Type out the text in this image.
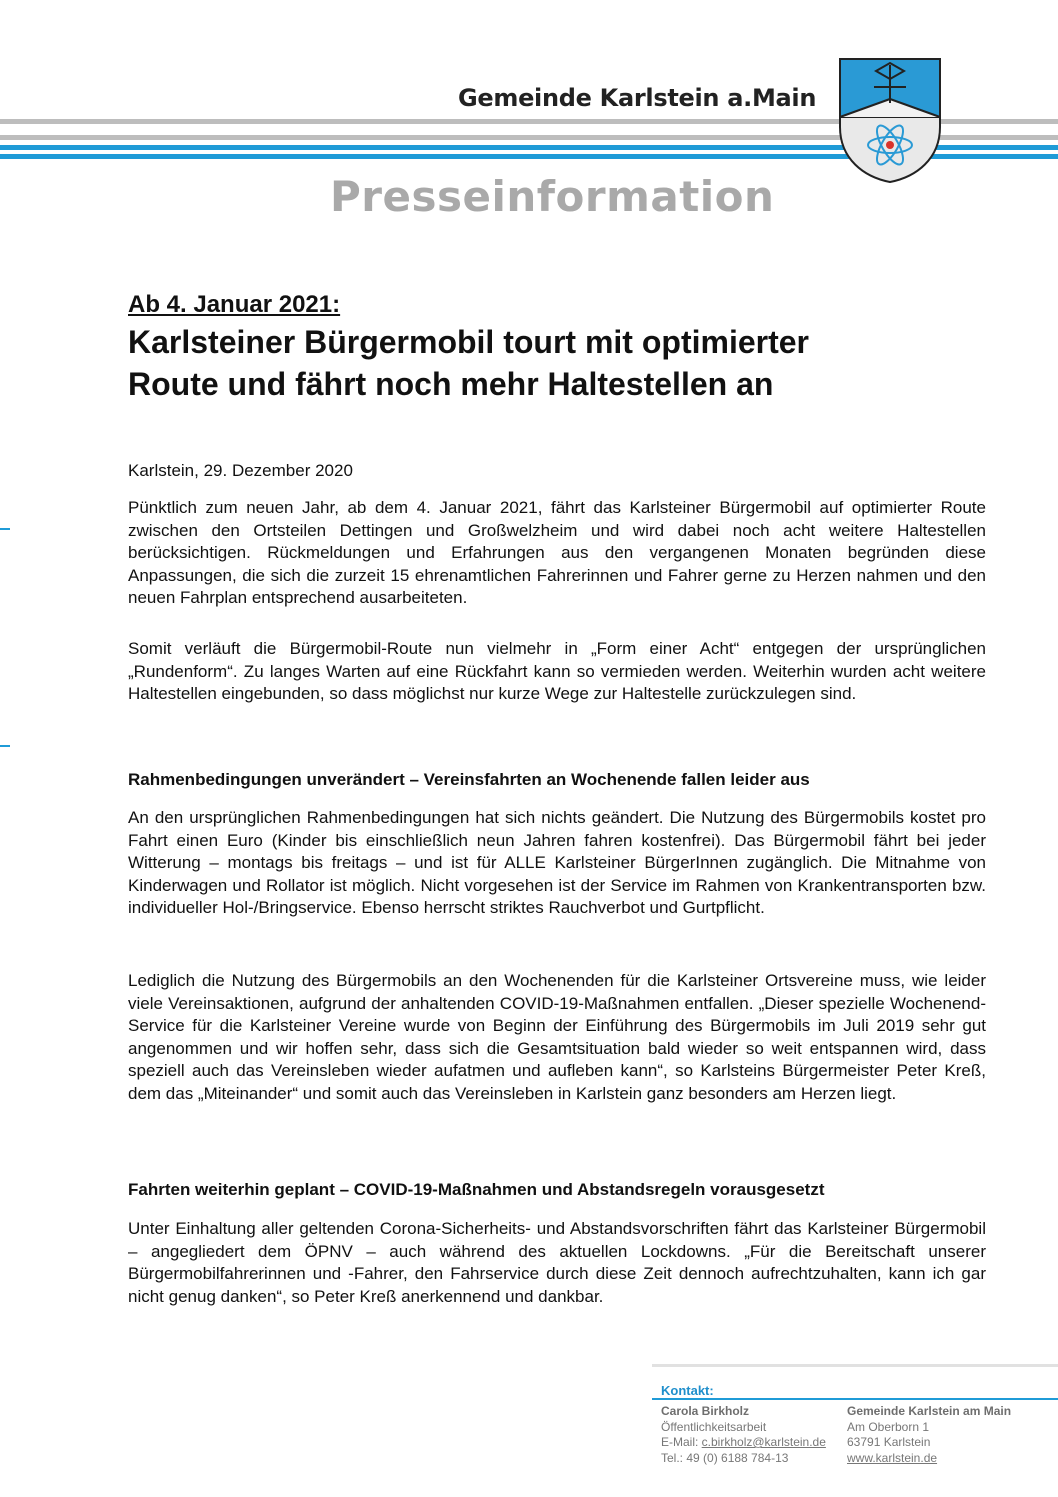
Gemeinde Karlstein a.Main
Presseinformation
Ab 4. Januar 2021:
Karlsteiner Bürgermobil tourt mit optimierter
Route und fährt noch mehr Haltestellen an
Karlstein, 29. Dezember 2020

Pünktlich zum neuen Jahr, ab dem 4. Januar 2021, fährt das Karlsteiner Bürgermobil auf optimierter Route zwischen den Ortsteilen Dettingen und Großwelzheim und wird dabei noch acht weitere Haltestellen berücksichtigen. Rückmeldungen und Erfahrungen aus den vergangenen Monaten begründen diese Anpassungen, die sich die zurzeit 15 ehrenamtlichen Fahrerinnen und Fahrer gerne zu Herzen nahmen und den neuen Fahrplan entsprechend ausarbeiteten.

Somit verläuft die Bürgermobil-Route nun vielmehr in „Form einer Acht“ entgegen der ursprünglichen „Rundenform“. Zu langes Warten auf eine Rückfahrt kann so vermieden werden. Weiterhin wurden acht weitere Haltestellen eingebunden, so dass möglichst nur kurze Wege zur Haltestelle zurückzulegen sind.

Rahmenbedingungen unverändert – Vereinsfahrten an Wochenende fallen leider aus

An den ursprünglichen Rahmenbedingungen hat sich nichts geändert. Die Nutzung des Bürgermobils kostet pro Fahrt einen Euro (Kinder bis einschließlich neun Jahren fahren kostenfrei). Das Bürgermobil fährt bei jeder Witterung – montags bis freitags – und ist für ALLE Karlsteiner BürgerInnen zugänglich. Die Mitnahme von Kinderwagen und Rollator ist möglich. Nicht vorgesehen ist der Service im Rahmen von Krankentransporten bzw. individueller Hol-/Bringservice. Ebenso herrscht striktes Rauchverbot und Gurtpflicht.

Lediglich die Nutzung des Bürgermobils an den Wochenenden für die Karlsteiner Ortsvereine muss, wie leider viele Vereinsaktionen, aufgrund der anhaltenden COVID-19-Maßnahmen entfallen. „Dieser spezielle Wochenend-Service für die Karlsteiner Vereine wurde von Beginn der Einführung des Bürgermobils im Juli 2019 sehr gut angenommen und wir hoffen sehr, dass sich die Gesamtsituation bald wieder so weit entspannen wird, dass speziell auch das Vereinsleben wieder aufatmen und aufleben kann“, so Karlsteins Bürgermeister Peter Kreß, dem das „Miteinander“ und somit auch das Vereinsleben in Karlstein ganz besonders am Herzen liegt.

Fahrten weiterhin geplant – COVID-19-Maßnahmen und Abstandsregeln vorausgesetzt

Unter Einhaltung aller geltenden Corona-Sicherheits- und Abstandsvorschriften fährt das Karlsteiner Bürgermobil – angegliedert dem ÖPNV – auch während des aktuellen Lockdowns. „Für die Bereitschaft unserer Bürgermobilfahrerinnen und -Fahrer, den Fahrservice durch diese Zeit dennoch aufrechtzuhalten, kann ich gar nicht genug danken“, so Peter Kreß anerkennend und dankbar.

Kontakt:
Carola Birkholz
Öffentlichkeitsarbeit
E-Mail: c.birkholz@karlstein.de
Tel.: 49 (0) 6188 784-13
Gemeinde Karlstein am Main
Am Oberborn 1
63791 Karlstein
www.karlstein.de
